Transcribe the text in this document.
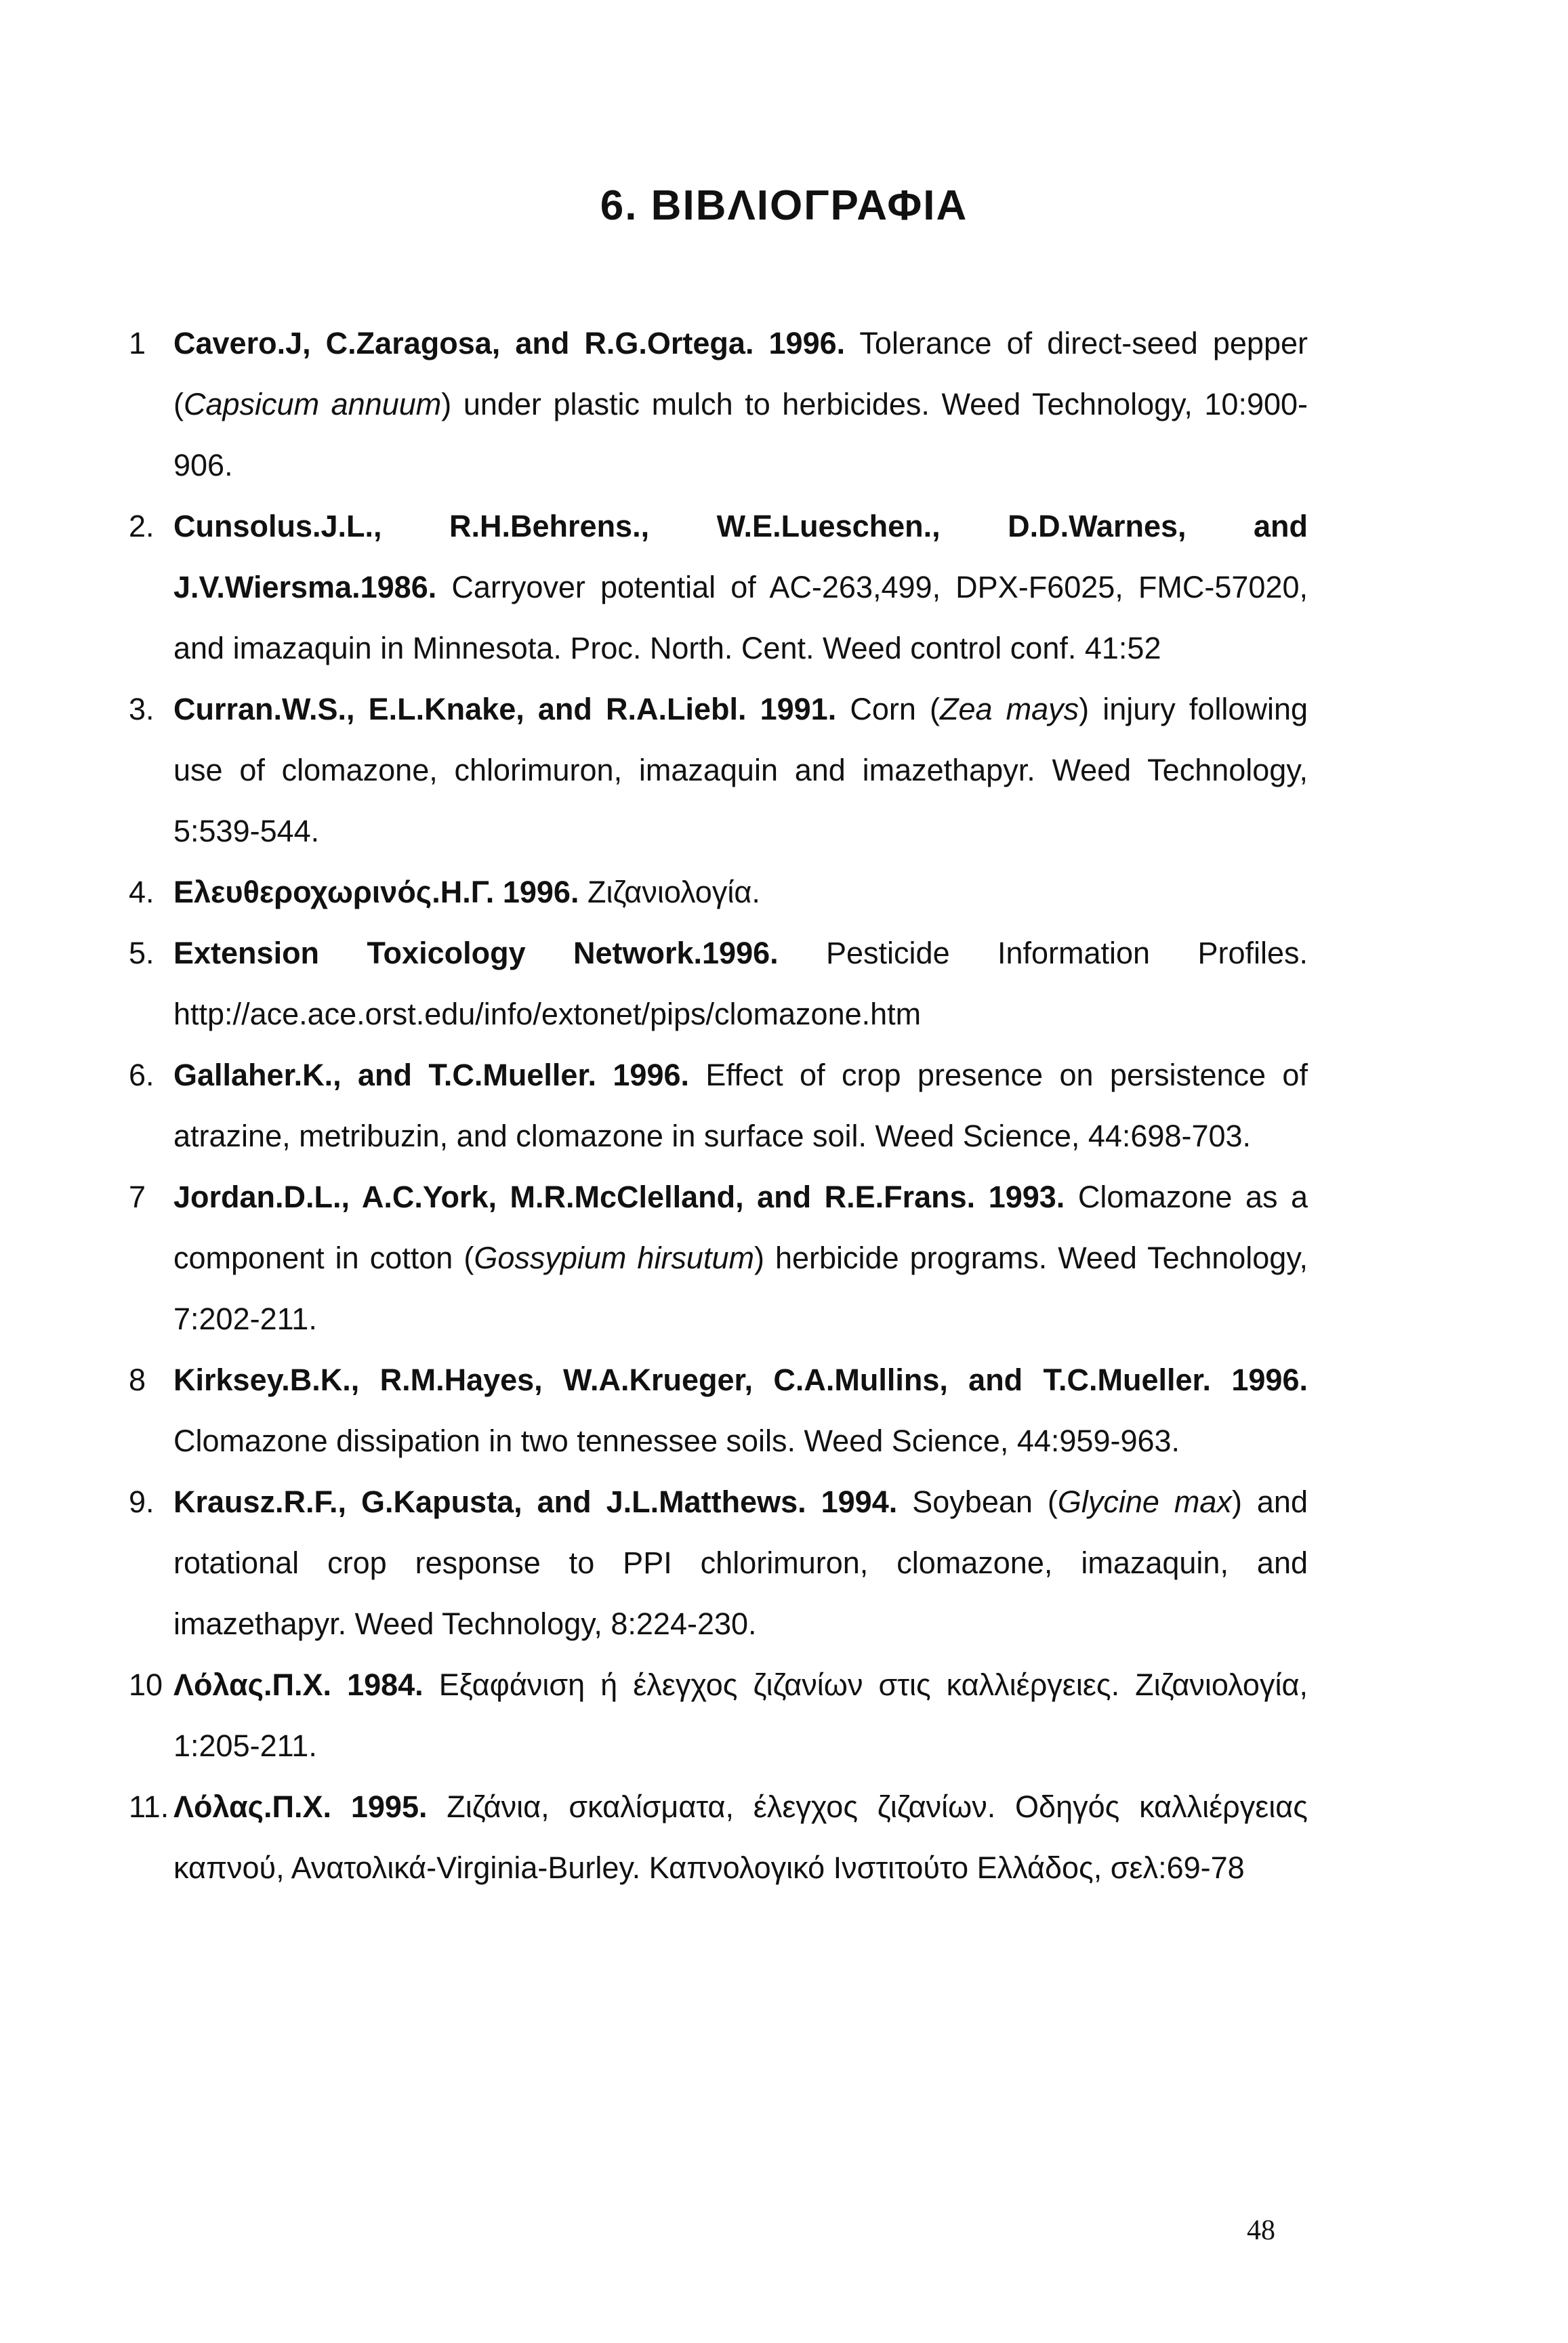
6. ΒΙΒΛΙΟΓΡΑΦΙΑ
1 Cavero.J, C.Zaragosa, and R.G.Ortega. 1996. Tolerance of direct-seed pepper (Capsicum annuum) under plastic mulch to herbicides. Weed Technology, 10:900-906.
2. Cunsolus.J.L., R.H.Behrens., W.E.Lueschen., D.D.Warnes, and J.V.Wiersma.1986. Carryover potential of AC-263,499, DPX-F6025, FMC-57020, and imazaquin in Minnesota. Proc. North. Cent. Weed control conf. 41:52
3. Curran.W.S., E.L.Knake, and R.A.Liebl. 1991. Corn (Zea mays) injury following use of clomazone, chlorimuron, imazaquin and imazethapyr. Weed Technology, 5:539-544.
4. Ελευθεροχωρινός.Η.Γ. 1996. Ζιζανιολογία.
5. Extension Toxicology Network.1996. Pesticide Information Profiles. http://ace.ace.orst.edu/info/extonet/pips/clomazone.htm
6. Gallaher.K., and T.C.Mueller. 1996. Effect of crop presence on persistence of atrazine, metribuzin, and clomazone in surface soil. Weed Science, 44:698-703.
7 Jordan.D.L., A.C.York, M.R.McClelland, and R.E.Frans. 1993. Clomazone as a component in cotton (Gossypium hirsutum) herbicide programs. Weed Technology, 7:202-211.
8 Kirksey.B.K., R.M.Hayes, W.A.Krueger, C.A.Mullins, and T.C.Mueller. 1996. Clomazone dissipation in two tennessee soils. Weed Science, 44:959-963.
9. Krausz.R.F., G.Kapusta, and J.L.Matthews. 1994. Soybean (Glycine max) and rotational crop response to PPI chlorimuron, clomazone, imazaquin, and imazethapyr. Weed Technology, 8:224-230.
10 Λόλας.Π.Χ. 1984. Εξαφάνιση ή έλεγχος ζιζανίων στις καλλιέργειες. Ζιζανιολογία, 1:205-211.
11. Λόλας.Π.Χ. 1995. Ζιζάνια, σκαλίσματα, έλεγχος ζιζανίων. Οδηγός καλλιέργειας καπνού, Ανατολικά-Virginia-Burley. Καπνολογικό Ινστιτούτο Ελλάδος, σελ:69-78
48
